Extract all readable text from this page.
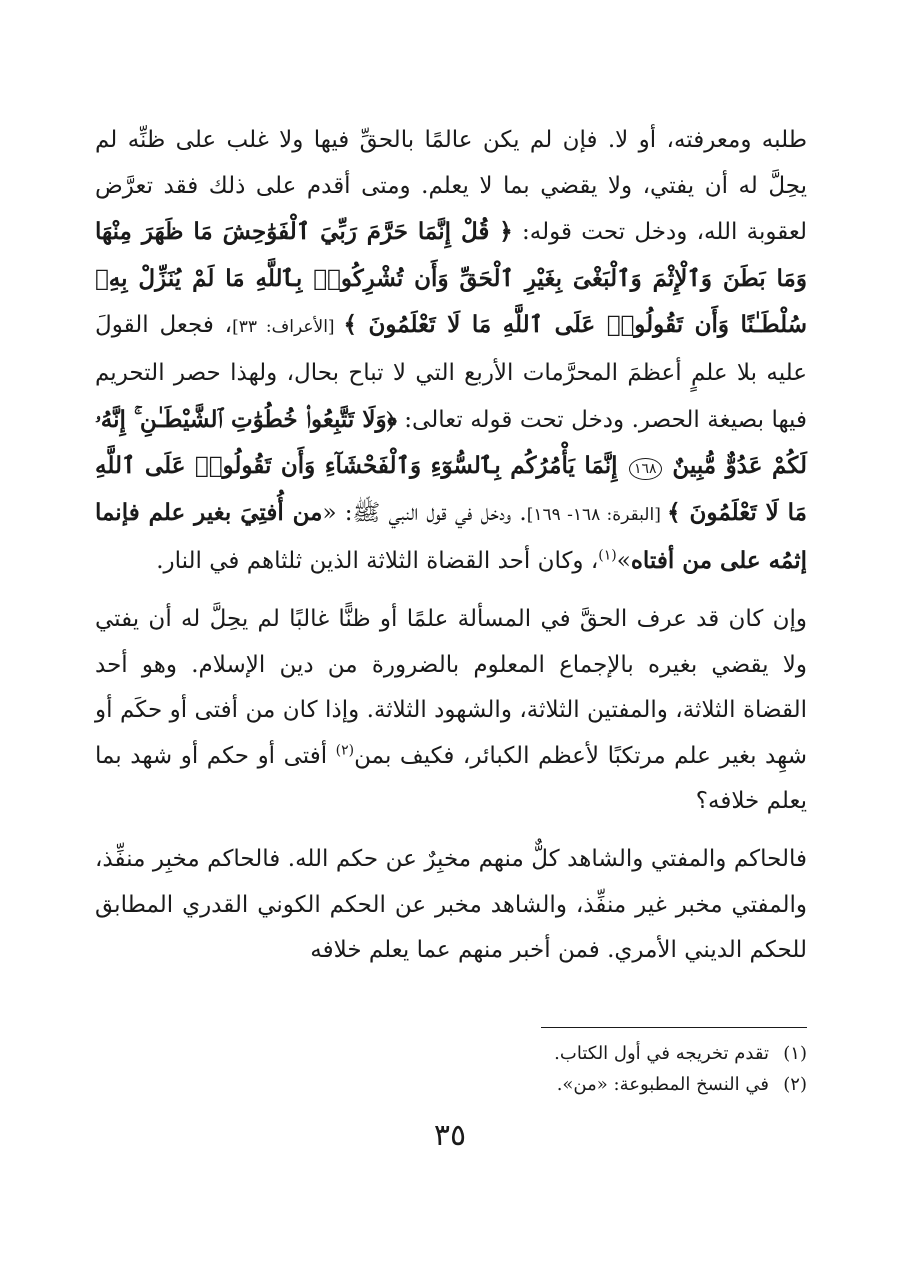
طلبه ومعرفته، أو لا. فإن لم يكن عالمًا بالحقِّ فيها ولا غلب على ظنِّه لم يحِلَّ له أن يفتي، ولا يقضي بما لا يعلم. ومتى أقدم على ذلك فقد تعرَّض لعقوبة الله، ودخل تحت قوله: ﴿ قُلْ إِنَّمَا حَرَّمَ رَبِّيَ ٱلْفَوَٰحِشَ مَا ظَهَرَ مِنْهَا وَمَا بَطَنَ وَٱلْإِثْمَ وَٱلْبَغْىَ بِغَيْرِ ٱلْحَقِّ وَأَن تُشْرِكُوا۟ بِٱللَّهِ مَا لَمْ يُنَزِّلْ بِهِۦ سُلْطَـٰنًا وَأَن تَقُولُوا۟ عَلَى ٱللَّهِ مَا لَا تَعْلَمُونَ ﴾ [الأعراف: ٣٣]، فجعل القولَ عليه بلا علمٍ أعظمَ المحرَّمات الأربع التي لا تباح بحال، ولهذا حصر التحريم فيها بصيغة الحصر. ودخل تحت قوله تعالى: ﴿وَلَا تَتَّبِعُوا۟ خُطُوَٰتِ ٱلشَّيْطَـٰنِ ۚ إِنَّهُۥ لَكُمْ عَدُوٌّ مُّبِينٌ ١٦٨ إِنَّمَا يَأْمُرُكُم بِٱلسُّوٓءِ وَٱلْفَحْشَآءِ وَأَن تَقُولُوا۟ عَلَى ٱللَّهِ مَا لَا تَعْلَمُونَ ﴾ [البقرة: ١٦٨- ١٦٩]. ودخل في قول النبي ﷺ: «من أُفتِيَ بغير علم فإنما إثمُه على من أفتاه»$^{(١)}$، وكان أحد القضاة الثلاثة الذين ثلثاهم في النار.

وإن كان قد عرف الحقَّ في المسألة علمًا أو ظنًّا غالبًا لم يحِلَّ له أن يفتي ولا يقضي بغيره بالإجماع المعلوم بالضرورة من دين الإسلام. وهو أحد القضاة الثلاثة، والمفتين الثلاثة، والشهود الثلاثة. وإذا كان من أفتى أو حكَم أو شهِد بغير علم مرتكبًا لأعظم الكبائر، فكيف بمن$^{(٢)}$ أفتى أو حكم أو شهد بما يعلم خلافه؟

فالحاكم والمفتي والشاهد كلٌّ منهم مخبِرٌ عن حكم الله. فالحاكم مخبِر منفِّذ، والمفتي مخبر غير منفِّذ، والشاهد مخبر عن الحكم الكوني القدري المطابق للحكم الديني الأمري. فمن أخبر منهم عما يعلم خلافه

(١)تقدم تخريجه في أول الكتاب.

(٢)في النسخ المطبوعة: «من».

٣٥
